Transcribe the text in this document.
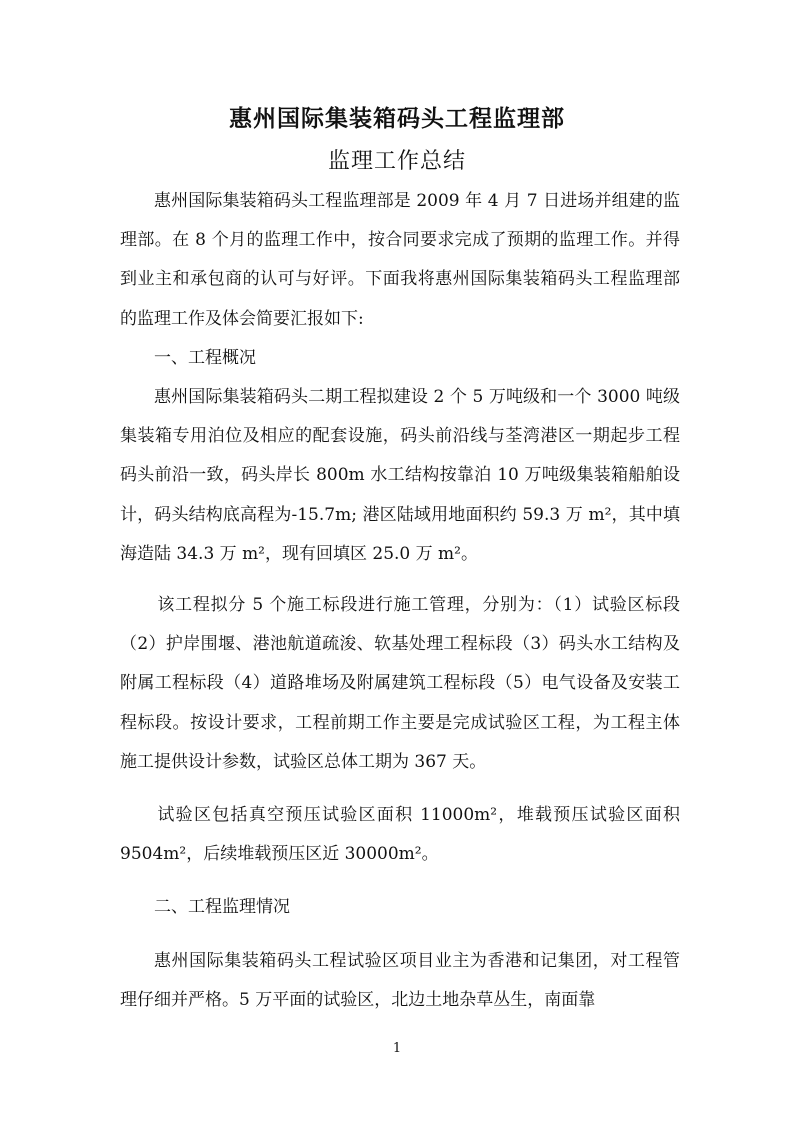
惠州国际集装箱码头工程监理部
监理工作总结

惠州国际集装箱码头工程监理部是 2009 年 4 月 7 日进场并组建的监理部。在 8 个月的监理工作中，按合同要求完成了预期的监理工作。并得到业主和承包商的认可与好评。下面我将惠州国际集装箱码头工程监理部的监理工作及体会简要汇报如下:

一、工程概况

惠州国际集装箱码头二期工程拟建设 2 个 5 万吨级和一个 3000 吨级集装箱专用泊位及相应的配套设施，码头前沿线与荃湾港区一期起步工程码头前沿一致，码头岸长 800m 水工结构按靠泊 10 万吨级集装箱船舶设计，码头结构底高程为-15.7m; 港区陆域用地面积约 59.3 万 m²，其中填海造陆 34.3 万 m²，现有回填区 25.0 万 m²。

该工程拟分 5 个施工标段进行施工管理，分别为：（1）试验区标段（2）护岸围堰、港池航道疏浚、软基处理工程标段（3）码头水工结构及附属工程标段（4）道路堆场及附属建筑工程标段（5）电气设备及安装工程标段。按设计要求，工程前期工作主要是完成试验区工程，为工程主体施工提供设计参数，试验区总体工期为 367 天。

试验区包括真空预压试验区面积 11000m²，堆载预压试验区面积 9504m²，后续堆载预压区近 30000m²。

二、工程监理情况

惠州国际集装箱码头工程试验区项目业主为香港和记集团，对工程管理仔细并严格。5 万平面的试验区，北边土地杂草丛生，南面靠

1
